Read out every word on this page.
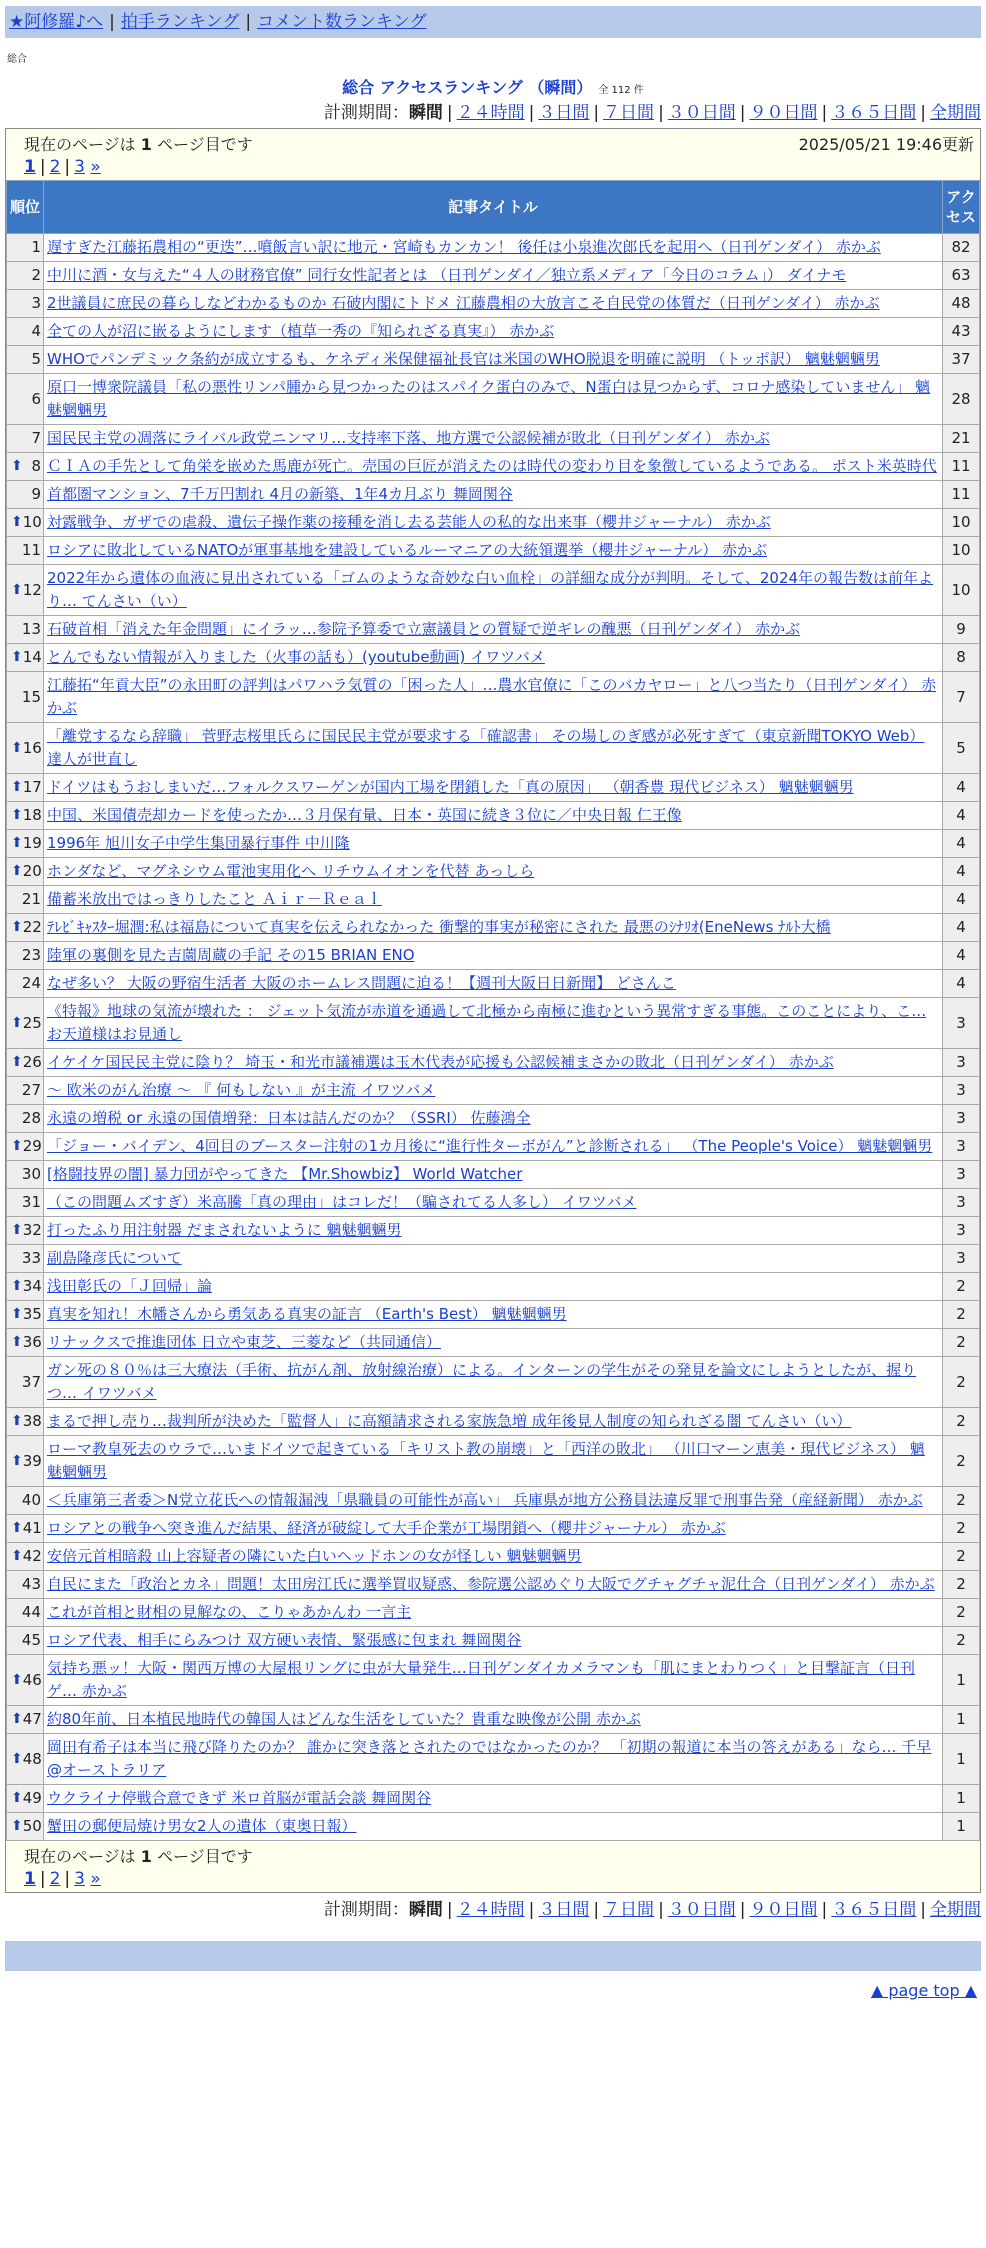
★阿修羅♪へ | 拍手ランキング | コメント数ランキング
総合
総合 アクセスランキング （瞬間） 全 112 件
計測期間：瞬間 | ２４時間 | ３日間 | ７日間 | ３０日間 | ９０日間 | ３６５日間 | 全期間
現在のページは 1 ページ目です	2025/05/21 19:46更新
1 | 2 | 3 »
順位	記事タイトル	アクセス
1	遅すぎた江藤拓農相の“更迭”…噴飯言い訳に地元・宮崎もカンカン！ 後任は小泉進次郎氏を起用へ（日刊ゲンダイ） 赤かぶ	82
2	中川に酒・女与えた“４人の財務官僚” 同行女性記者とは （日刊ゲンダイ／独立系メディア「今日のコラム」） ダイナモ	63
3	2世議員に庶民の暮らしなどわかるものか 石破内閣にトドメ 江藤農相の大放言こそ自民党の体質だ（日刊ゲンダイ） 赤かぶ	48
4	全ての人が沼に嵌るようにします（植草一秀の『知られざる真実』） 赤かぶ	43
5	WHOでパンデミック条約が成立するも、ケネディ米保健福祉長官は米国のWHO脱退を明確に説明 （トッポ訳） 魑魅魍魎男	37
6	原口一博衆院議員「私の悪性リンパ腫から見つかったのはスパイク蛋白のみで、N蛋白は見つからず、コロナ感染していません」 魑魅魍魎男	28
7	国民民主党の凋落にライバル政党ニンマリ…支持率下落、地方選で公認候補が敗北（日刊ゲンダイ） 赤かぶ	21

⬆ 8	ＣＩＡの手先として角栄を嵌めた馬鹿が死亡。売国の巨匠が消えたのは時代の変わり目を象徴しているようである。 ポスト米英時代	11
9	首都圏マンション、7千万円割れ 4月の新築、1年4カ月ぶり 舞岡関谷	11

⬆ 10	対露戦争、ガザでの虐殺、遺伝子操作薬の接種を消し去る芸能人の私的な出来事（櫻井ジャーナル） 赤かぶ	10
11	ロシアに敗北しているNATOが軍事基地を建設しているルーマニアの大統領選挙（櫻井ジャーナル） 赤かぶ	10

⬆ 12	2022年から遺体の血液に見出されている「ゴムのような奇妙な白い血栓」の詳細な成分が判明。そして、2024年の報告数は前年より… てんさい（い）	10
13	石破首相「消えた年金問題」にイラッ…参院予算委で立憲議員との質疑で逆ギレの醜悪（日刊ゲンダイ） 赤かぶ	9

⬆ 14	とんでもない情報が入りました（火事の話も）(youtube動画) イワツバメ	8
15	江藤拓“年貢大臣”の永田町の評判はパワハラ気質の「困った人」…農水官僚に「このバカヤロー」と八つ当たり（日刊ゲンダイ） 赤かぶ	7

⬆ 16	「離党するなら辞職」 菅野志桜里氏らに国民民主党が要求する「確認書」 その場しのぎ感が必死すぎて（東京新聞TOKYO Web） 達人が世直し	5

⬆ 17	ドイツはもうおしまいだ…フォルクスワーゲンが国内工場を閉鎖した「真の原因」 （朝香豊 現代ビジネス） 魑魅魍魎男	4

⬆ 18	中国、米国債売却カードを使ったか…３月保有量、日本・英国に続き３位に／中央日報 仁王像	4

⬆ 19	1996年 旭川女子中学生集団暴行事件 中川隆	4

⬆ 20	ホンダなど、マグネシウム電池実用化へ リチウムイオンを代替 あっしら	4
21	備蓄米放出ではっきりしたこと Ａｉｒ－Ｒｅａｌ	4

⬆ 22	ﾃﾚﾋﾞｷｬｽﾀｰ堀潤:私は福島について真実を伝えられなかった 衝撃的事実が秘密にされた 最悪のｼﾅﾘｵ(EneNews ﾅﾙﾄ大橋	4
23	陸軍の裏側を見た吉薗周蔵の手記 その15 BRIAN ENO	4
24	なぜ多い？ 大阪の野宿生活者 大阪のホームレス問題に迫る！【週刊大阪日日新聞】 どさんこ	4

⬆ 25	《特報》地球の気流が壊れた ： ジェット気流が赤道を通過して北極から南極に進むという異常すぎる事態。このことにより、こ… お天道様はお見通し	3

⬆ 26	イケイケ国民民主党に陰り？ 埼玉・和光市議補選は玉木代表が応援も公認候補まさかの敗北（日刊ゲンダイ） 赤かぶ	3
27	～ 欧米のがん治療 ～ 『 何もしない 』が主流 イワツバメ	3
28	永遠の増税 or 永遠の国債増発：日本は詰んだのか？（SSRI） 佐藤鴻全	3

⬆ 29	「ジョー・バイデン、4回目のブースター注射の1カ月後に“進行性ターボがん”と診断される」 （The People's Voice） 魑魅魍魎男	3
30	[格闘技界の闇] 暴力団がやってきた 【Mr.Showbiz】 World Watcher	3
31	（この問題ムズすぎ）米高騰「真の理由」はコレだ！（騙されてる人多し） イワツバメ	3

⬆ 32	打ったふり用注射器 だまされないように 魑魅魍魎男	3
33	副島隆彦氏について	3

⬆ 34	浅田彰氏の「Ｊ回帰」論	2

⬆ 35	真実を知れ！木幡さんから勇気ある真実の証言 （Earth's Best） 魑魅魍魎男	2

⬆ 36	リナックスで推進団体 日立や東芝、三菱など（共同通信）	2
37	ガン死の８０％は三大療法（手術、抗がん剤、放射線治療）による。インターンの学生がその発見を論文にしようとしたが、握りつ… イワツバメ	2

⬆ 38	まるで押し売り…裁判所が決めた「監督人」に高額請求される家族急増 成年後見人制度の知られざる闇 てんさい（い）	2

⬆ 39	ローマ教皇死去のウラで…いまドイツで起きている「キリスト教の崩壊」と「西洋の敗北」 （川口マーン恵美・現代ビジネス） 魑魅魍魎男	2
40	＜兵庫第三者委＞N党立花氏への情報漏洩「県職員の可能性が高い」 兵庫県が地方公務員法違反罪で刑事告発（産経新聞） 赤かぶ	2

⬆ 41	ロシアとの戦争へ突き進んだ結果、経済が破綻して大手企業が工場閉鎖へ（櫻井ジャーナル） 赤かぶ	2

⬆ 42	安倍元首相暗殺 山上容疑者の隣にいた白いヘッドホンの女が怪しい 魑魅魍魎男	2
43	自民にまた「政治とカネ」問題！太田房江氏に選挙買収疑惑、参院選公認めぐり大阪でグチャグチャ泥仕合（日刊ゲンダイ） 赤かぶ	2
44	これが首相と財相の見解なの、こりゃあかんわ 一言主	2
45	ロシア代表、相手にらみつけ 双方硬い表情、緊張感に包まれ 舞岡関谷	2

⬆ 46	気持ち悪ッ！大阪・関西万博の大屋根リングに虫が大量発生…日刊ゲンダイカメラマンも「肌にまとわりつく」と目撃証言（日刊ゲ… 赤かぶ	1

⬆ 47	約80年前、日本植民地時代の韓国人はどんな生活をしていた？貴重な映像が公開 赤かぶ	1

⬆ 48	岡田有希子は本当に飛び降りたのか？ 誰かに突き落とされたのではなかったのか？ 「初期の報道に本当の答えがある」なら… 千早@オーストラリア	1

⬆ 49	ウクライナ停戦合意できず 米ロ首脳が電話会談 舞岡関谷	1

⬆ 50	蟹田の郵便局焼け男女2人の遺体（東奥日報）	1
現在のページは 1 ページ目です
1 | 2 | 3 »
計測期間：瞬間 | ２４時間 | ３日間 | ７日間 | ３０日間 | ９０日間 | ３６５日間 | 全期間
▲ page top ▲
